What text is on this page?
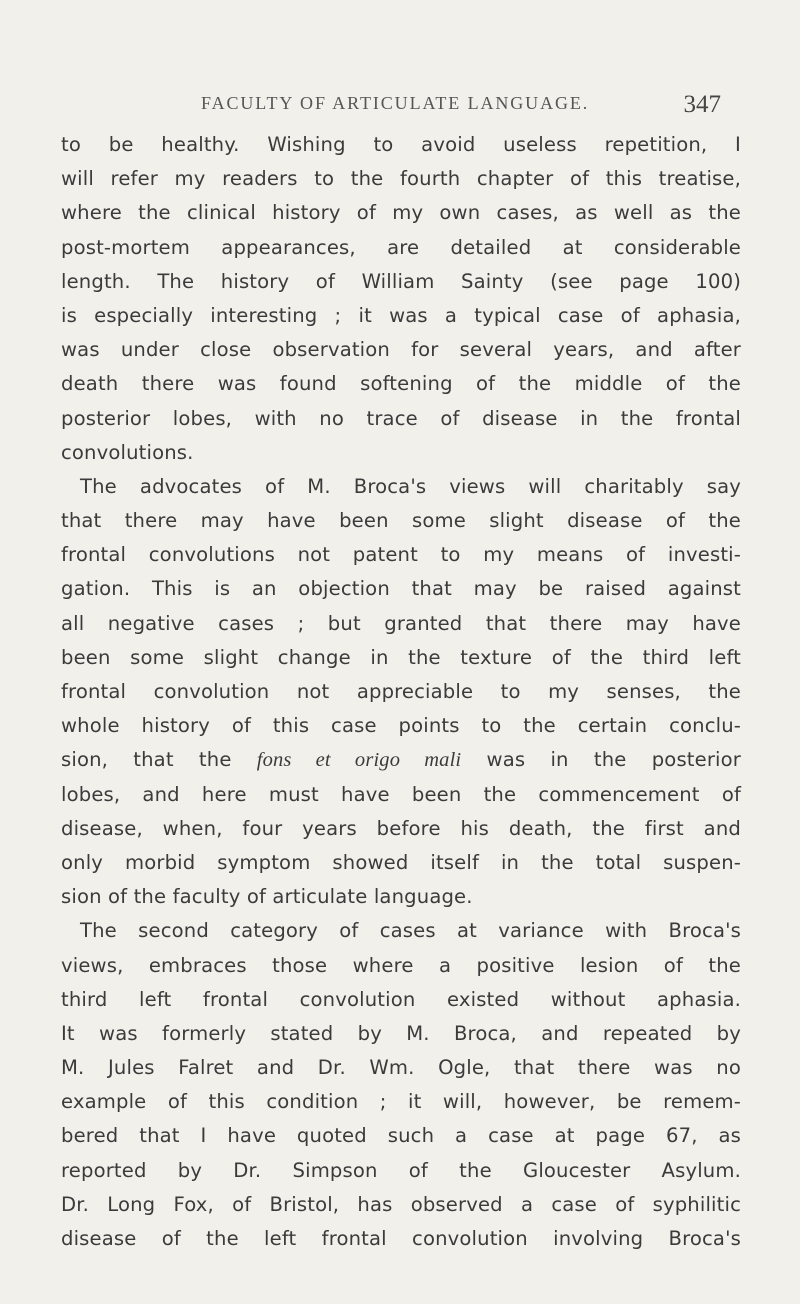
FACULTY OF ARTICULATE LANGUAGE.	347
to be healthy. Wishing to avoid useless repetition, I
will refer my readers to the fourth chapter of this treatise,
where the clinical history of my own cases, as well as the
post-mortem appearances, are detailed at considerable
length. The history of William Sainty (see page 100)
is especially interesting ; it was a typical case of aphasia,
was under close observation for several years, and after
death there was found softening of the middle of the
posterior lobes, with no trace of disease in the frontal
convolutions.
The advocates of M. Broca's views will charitably say
that there may have been some slight disease of the
frontal convolutions not patent to my means of investi-
gation. This is an objection that may be raised against
all negative cases ; but granted that there may have
been some slight change in the texture of the third left
frontal convolution not appreciable to my senses, the
whole history of this case points to the certain conclu-
sion, that the fons et origo mali was in the posterior
lobes, and here must have been the commencement of
disease, when, four years before his death, the first and
only morbid symptom showed itself in the total suspen-
sion of the faculty of articulate language.
The second category of cases at variance with Broca's
views, embraces those where a positive lesion of the
third left frontal convolution existed without aphasia.
It was formerly stated by M. Broca, and repeated by
M. Jules Falret and Dr. Wm. Ogle, that there was no
example of this condition ; it will, however, be remem-
bered that I have quoted such a case at page 67, as
reported by Dr. Simpson of the Gloucester Asylum.
Dr. Long Fox, of Bristol, has observed a case of syphilitic
disease of the left frontal convolution involving Broca's
